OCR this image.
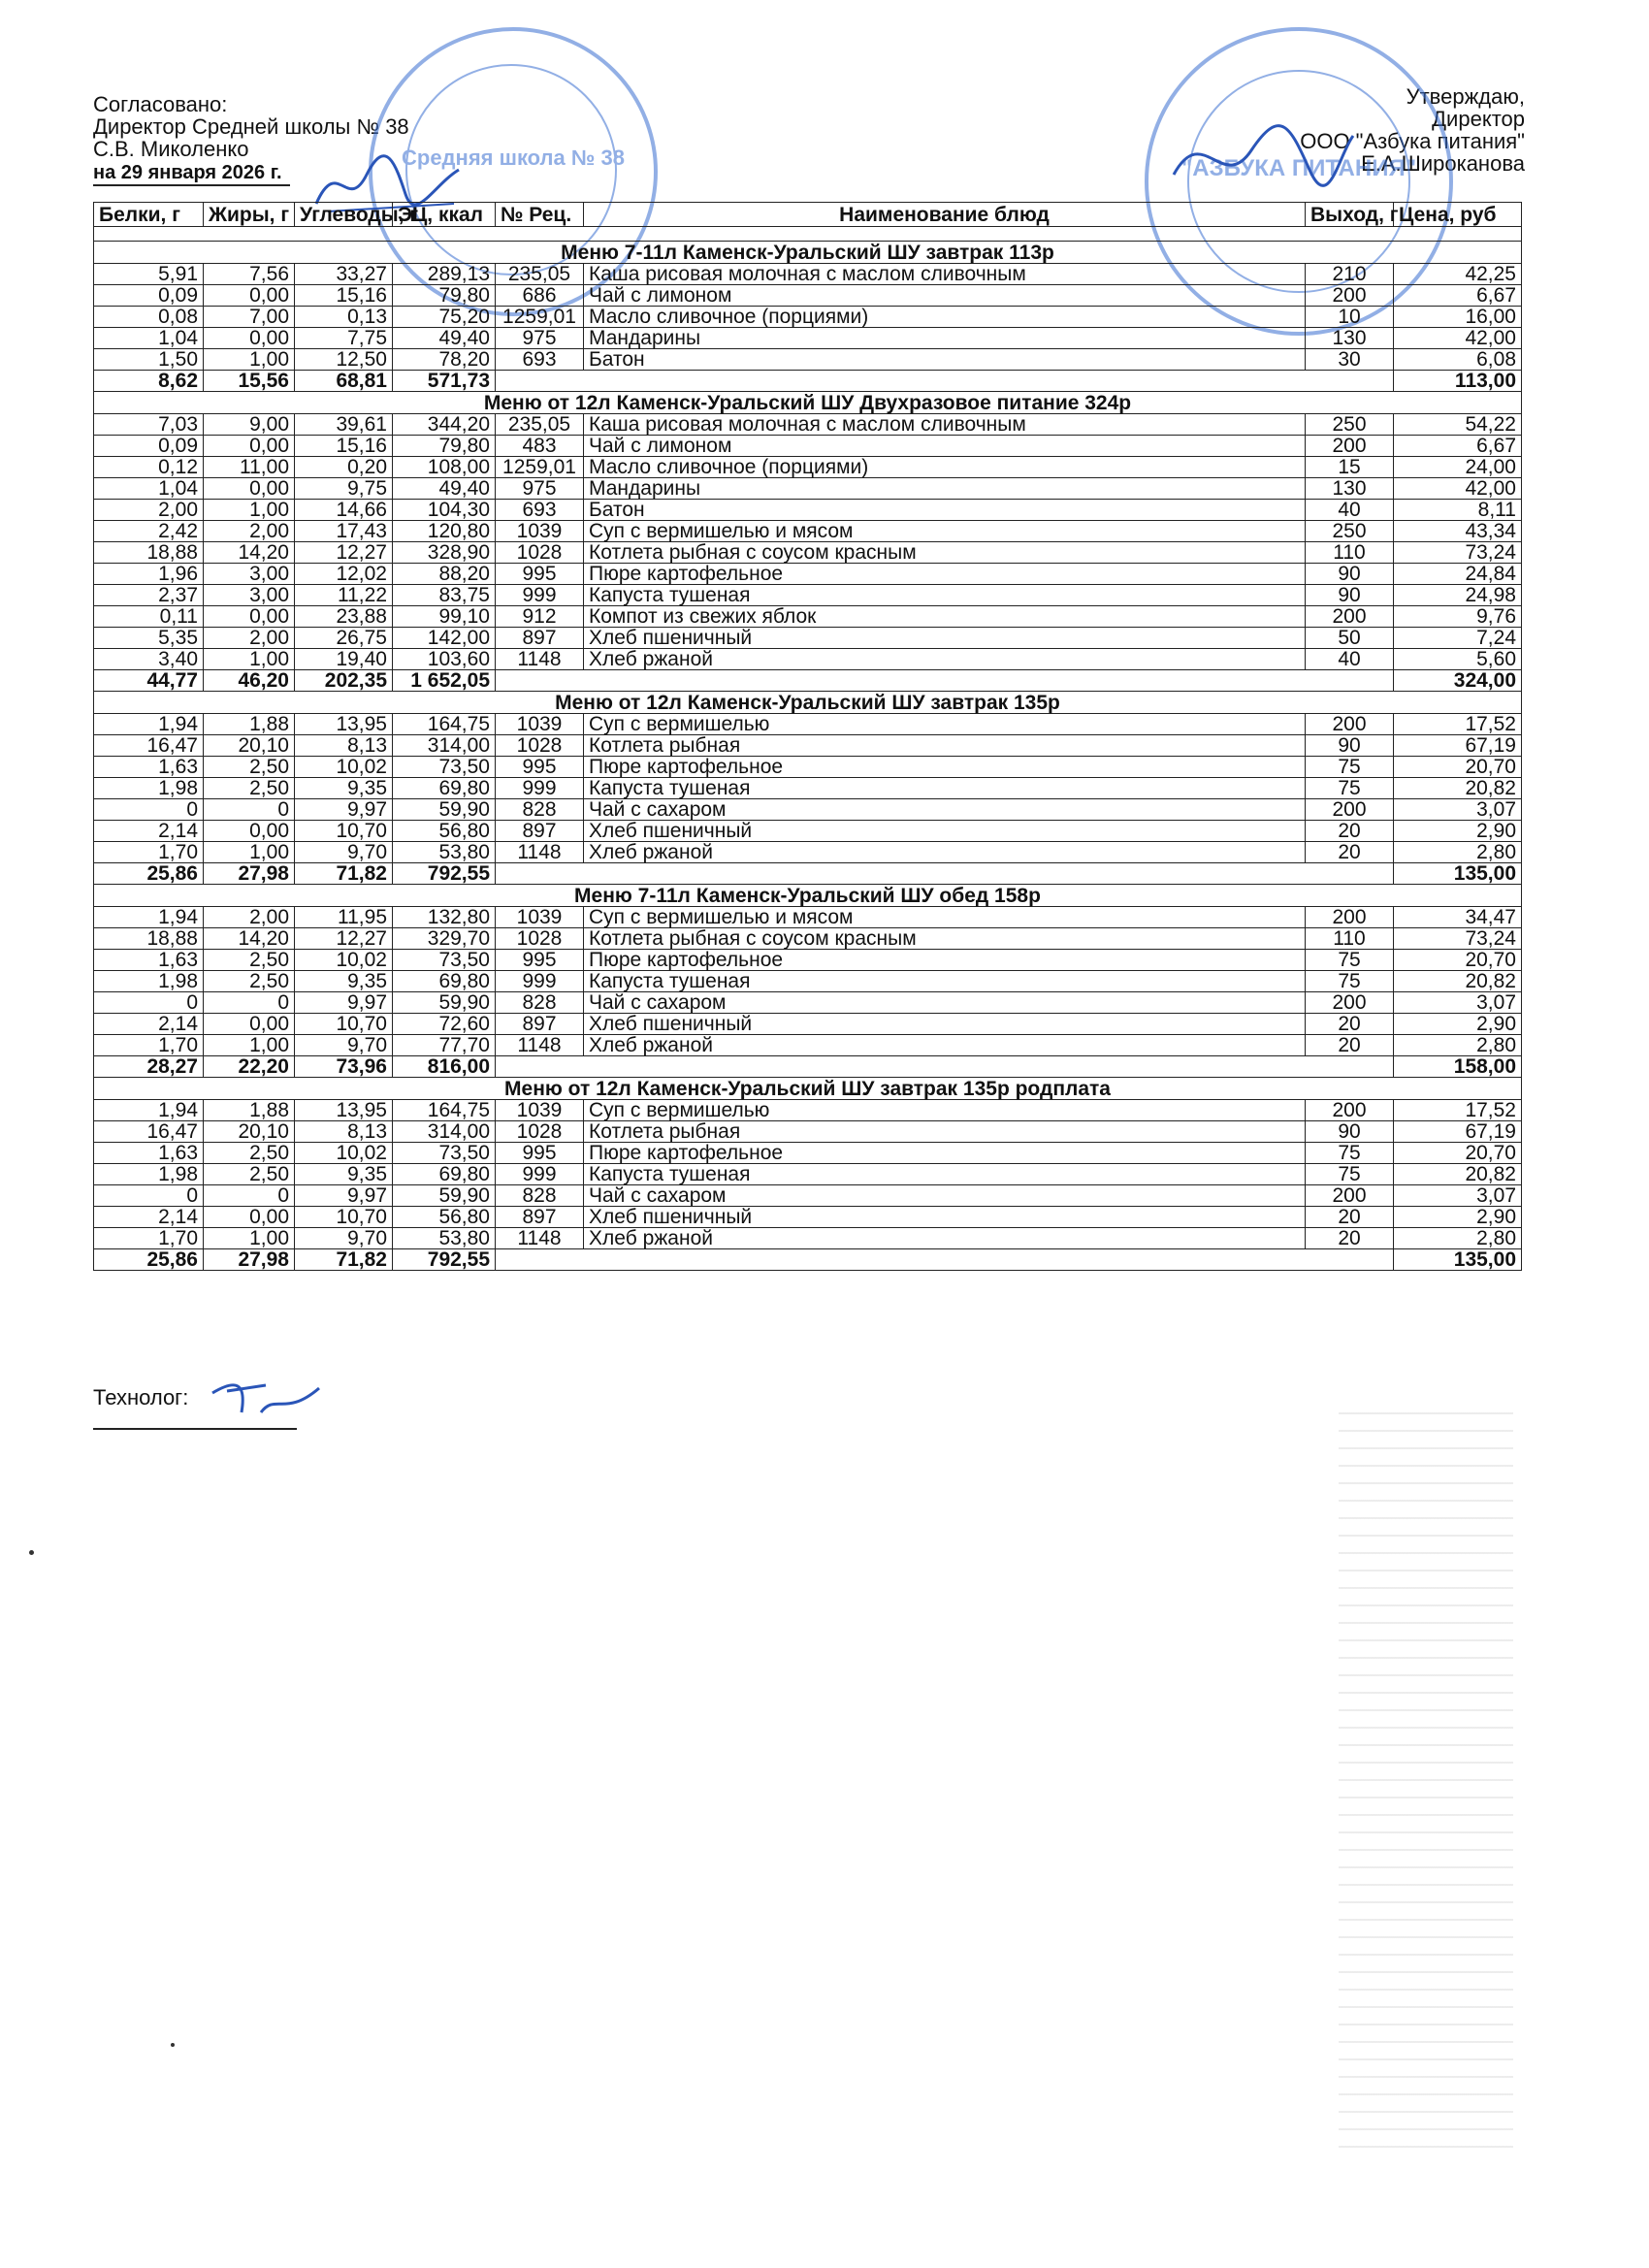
Согласовано:
Директор Средней школы № 38
С.В. Миколенко
на 29 января 2026 г.
Утверждаю,
Директор
ООО "Азбука питания"
Е.А.Широканова
Средняя школа № 38	"АЗБУКА ПИТАНИЯ"
Белки, г	Жиры, г	Углеводы, г	ЭЦ, ккал	№ Рец.	Наименование блюд	Выход, г	Цена, руб

Меню 7-11л Каменск-Уральский ШУ завтрак 113р							
5,91	7,56	33,27	289,13	235,05	Каша рисовая молочная с маслом сливочным	210	42,25
0,09	0,00	15,16	79,80	686	Чай с лимоном	200	6,67
0,08	7,00	0,13	75,20	1259,01	Масло сливочное (порциями)	10	16,00
1,04	0,00	7,75	49,40	975	Мандарины	130	42,00
1,50	1,00	12,50	78,20	693	Батон	30	6,08
8,62	15,56	68,81	571,73				113,00
Меню от 12л Каменск-Уральский ШУ Двухразовое питание 324р							
7,03	9,00	39,61	344,20	235,05	Каша рисовая молочная с маслом сливочным	250	54,22
0,09	0,00	15,16	79,80	483	Чай с лимоном	200	6,67
0,12	11,00	0,20	108,00	1259,01	Масло сливочное (порциями)	15	24,00
1,04	0,00	9,75	49,40	975	Мандарины	130	42,00
2,00	1,00	14,66	104,30	693	Батон	40	8,11
2,42	2,00	17,43	120,80	1039	Суп с вермишелью и мясом	250	43,34
18,88	14,20	12,27	328,90	1028	Котлета рыбная с соусом красным	110	73,24
1,96	3,00	12,02	88,20	995	Пюре картофельное	90	24,84
2,37	3,00	11,22	83,75	999	Капуста тушеная	90	24,98
0,11	0,00	23,88	99,10	912	Компот из свежих яблок	200	9,76
5,35	2,00	26,75	142,00	897	Хлеб пшеничный	50	7,24
3,40	1,00	19,40	103,60	1148	Хлеб ржаной	40	5,60
44,77	46,20	202,35	1 652,05				324,00
Меню от 12л Каменск-Уральский ШУ завтрак 135р							
1,94	1,88	13,95	164,75	1039	Суп с вермишелью	200	17,52
16,47	20,10	8,13	314,00	1028	Котлета рыбная	90	67,19
1,63	2,50	10,02	73,50	995	Пюре картофельное	75	20,70
1,98	2,50	9,35	69,80	999	Капуста тушеная	75	20,82
0	0	9,97	59,90	828	Чай с сахаром	200	3,07
2,14	0,00	10,70	56,80	897	Хлеб пшеничный	20	2,90
1,70	1,00	9,70	53,80	1148	Хлеб ржаной	20	2,80
25,86	27,98	71,82	792,55				135,00
Меню 7-11л Каменск-Уральский ШУ обед 158р							
1,94	2,00	11,95	132,80	1039	Суп с вермишелью и мясом	200	34,47
18,88	14,20	12,27	329,70	1028	Котлета рыбная с соусом красным	110	73,24
1,63	2,50	10,02	73,50	995	Пюре картофельное	75	20,70
1,98	2,50	9,35	69,80	999	Капуста тушеная	75	20,82
0	0	9,97	59,90	828	Чай с сахаром	200	3,07
2,14	0,00	10,70	72,60	897	Хлеб пшеничный	20	2,90
1,70	1,00	9,70	77,70	1148	Хлеб ржаной	20	2,80
28,27	22,20	73,96	816,00				158,00
Меню от 12л Каменск-Уральский ШУ завтрак 135р родплата							
1,94	1,88	13,95	164,75	1039	Суп с вермишелью	200	17,52
16,47	20,10	8,13	314,00	1028	Котлета рыбная	90	67,19
1,63	2,50	10,02	73,50	995	Пюре картофельное	75	20,70
1,98	2,50	9,35	69,80	999	Капуста тушеная	75	20,82
0	0	9,97	59,90	828	Чай с сахаром	200	3,07
2,14	0,00	10,70	56,80	897	Хлеб пшеничный	20	2,90
1,70	1,00	9,70	53,80	1148	Хлеб ржаной	20	2,80
25,86	27,98	71,82	792,55				135,00
Технолог:
